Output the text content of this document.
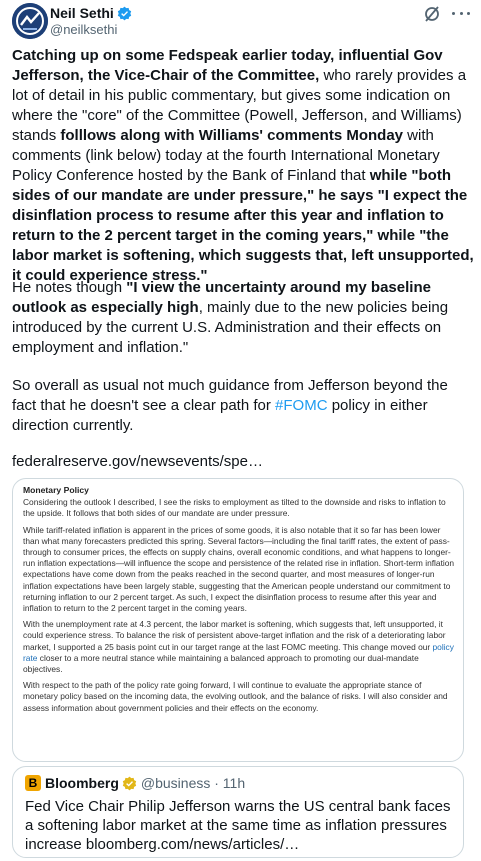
Neil Sethi
@neilksethi
Catching up on some Fedspeak earlier today, influential Gov Jefferson, the Vice-Chair of the Committee, who rarely provides a lot of detail in his public commentary, but gives some indication on where the "core" of the Committee (Powell, Jefferson, and Williams) stands folllows along with Williams' comments Monday with comments (link below) today at the fourth International Monetary Policy Conference hosted by the Bank of Finland that while "both sides of our mandate are under pressure," he says "I expect the disinflation process to resume after this year and inflation to return to the 2 percent target in the coming years," while "the labor market is softening, which suggests that, left unsupported, it could experience stress."
He notes though "I view the uncertainty around my baseline outlook as especially high, mainly due to the new policies being introduced by the current U.S. Administration and their effects on employment and inflation."
So overall as usual not much guidance from Jefferson beyond the fact that he doesn't see a clear path for #FOMC policy in either direction currently.
federalreserve.gov/newsevents/spe…
Monetary Policy
Considering the outlook I described, I see the risks to employment as tilted to the downside and risks to inflation to the upside. It follows that both sides of our mandate are under pressure.
While tariff-related inflation is apparent in the prices of some goods, it is also notable that it so far has been lower than what many forecasters predicted this spring. Several factors—including the final tariff rates, the extent of pass-through to consumer prices, the effects on supply chains, overall economic conditions, and what happens to longer-run inflation expectations—will influence the scope and persistence of the related rise in inflation. Short-term inflation expectations have come down from the peaks reached in the second quarter, and most measures of longer-run inflation expectations have been largely stable, suggesting that the American people understand our commitment to returning inflation to our 2 percent target. As such, I expect the disinflation process to resume after this year and inflation to return to the 2 percent target in the coming years.
With the unemployment rate at 4.3 percent, the labor market is softening, which suggests that, left unsupported, it could experience stress. To balance the risk of persistent above-target inflation and the risk of a deteriorating labor market, I supported a 25 basis point cut in our target range at the last FOMC meeting. This change moved our policy rate closer to a more neutral stance while maintaining a balanced approach to promoting our dual-mandate objectives.
With respect to the path of the policy rate going forward, I will continue to evaluate the appropriate stance of monetary policy based on the incoming data, the evolving outlook, and the balance of risks. I will also consider and assess information about government policies and their effects on the economy.
B Bloomberg @business · 11h
Fed Vice Chair Philip Jefferson warns the US central bank faces a softening labor market at the same time as inflation pressures increase bloomberg.com/news/articles/…
